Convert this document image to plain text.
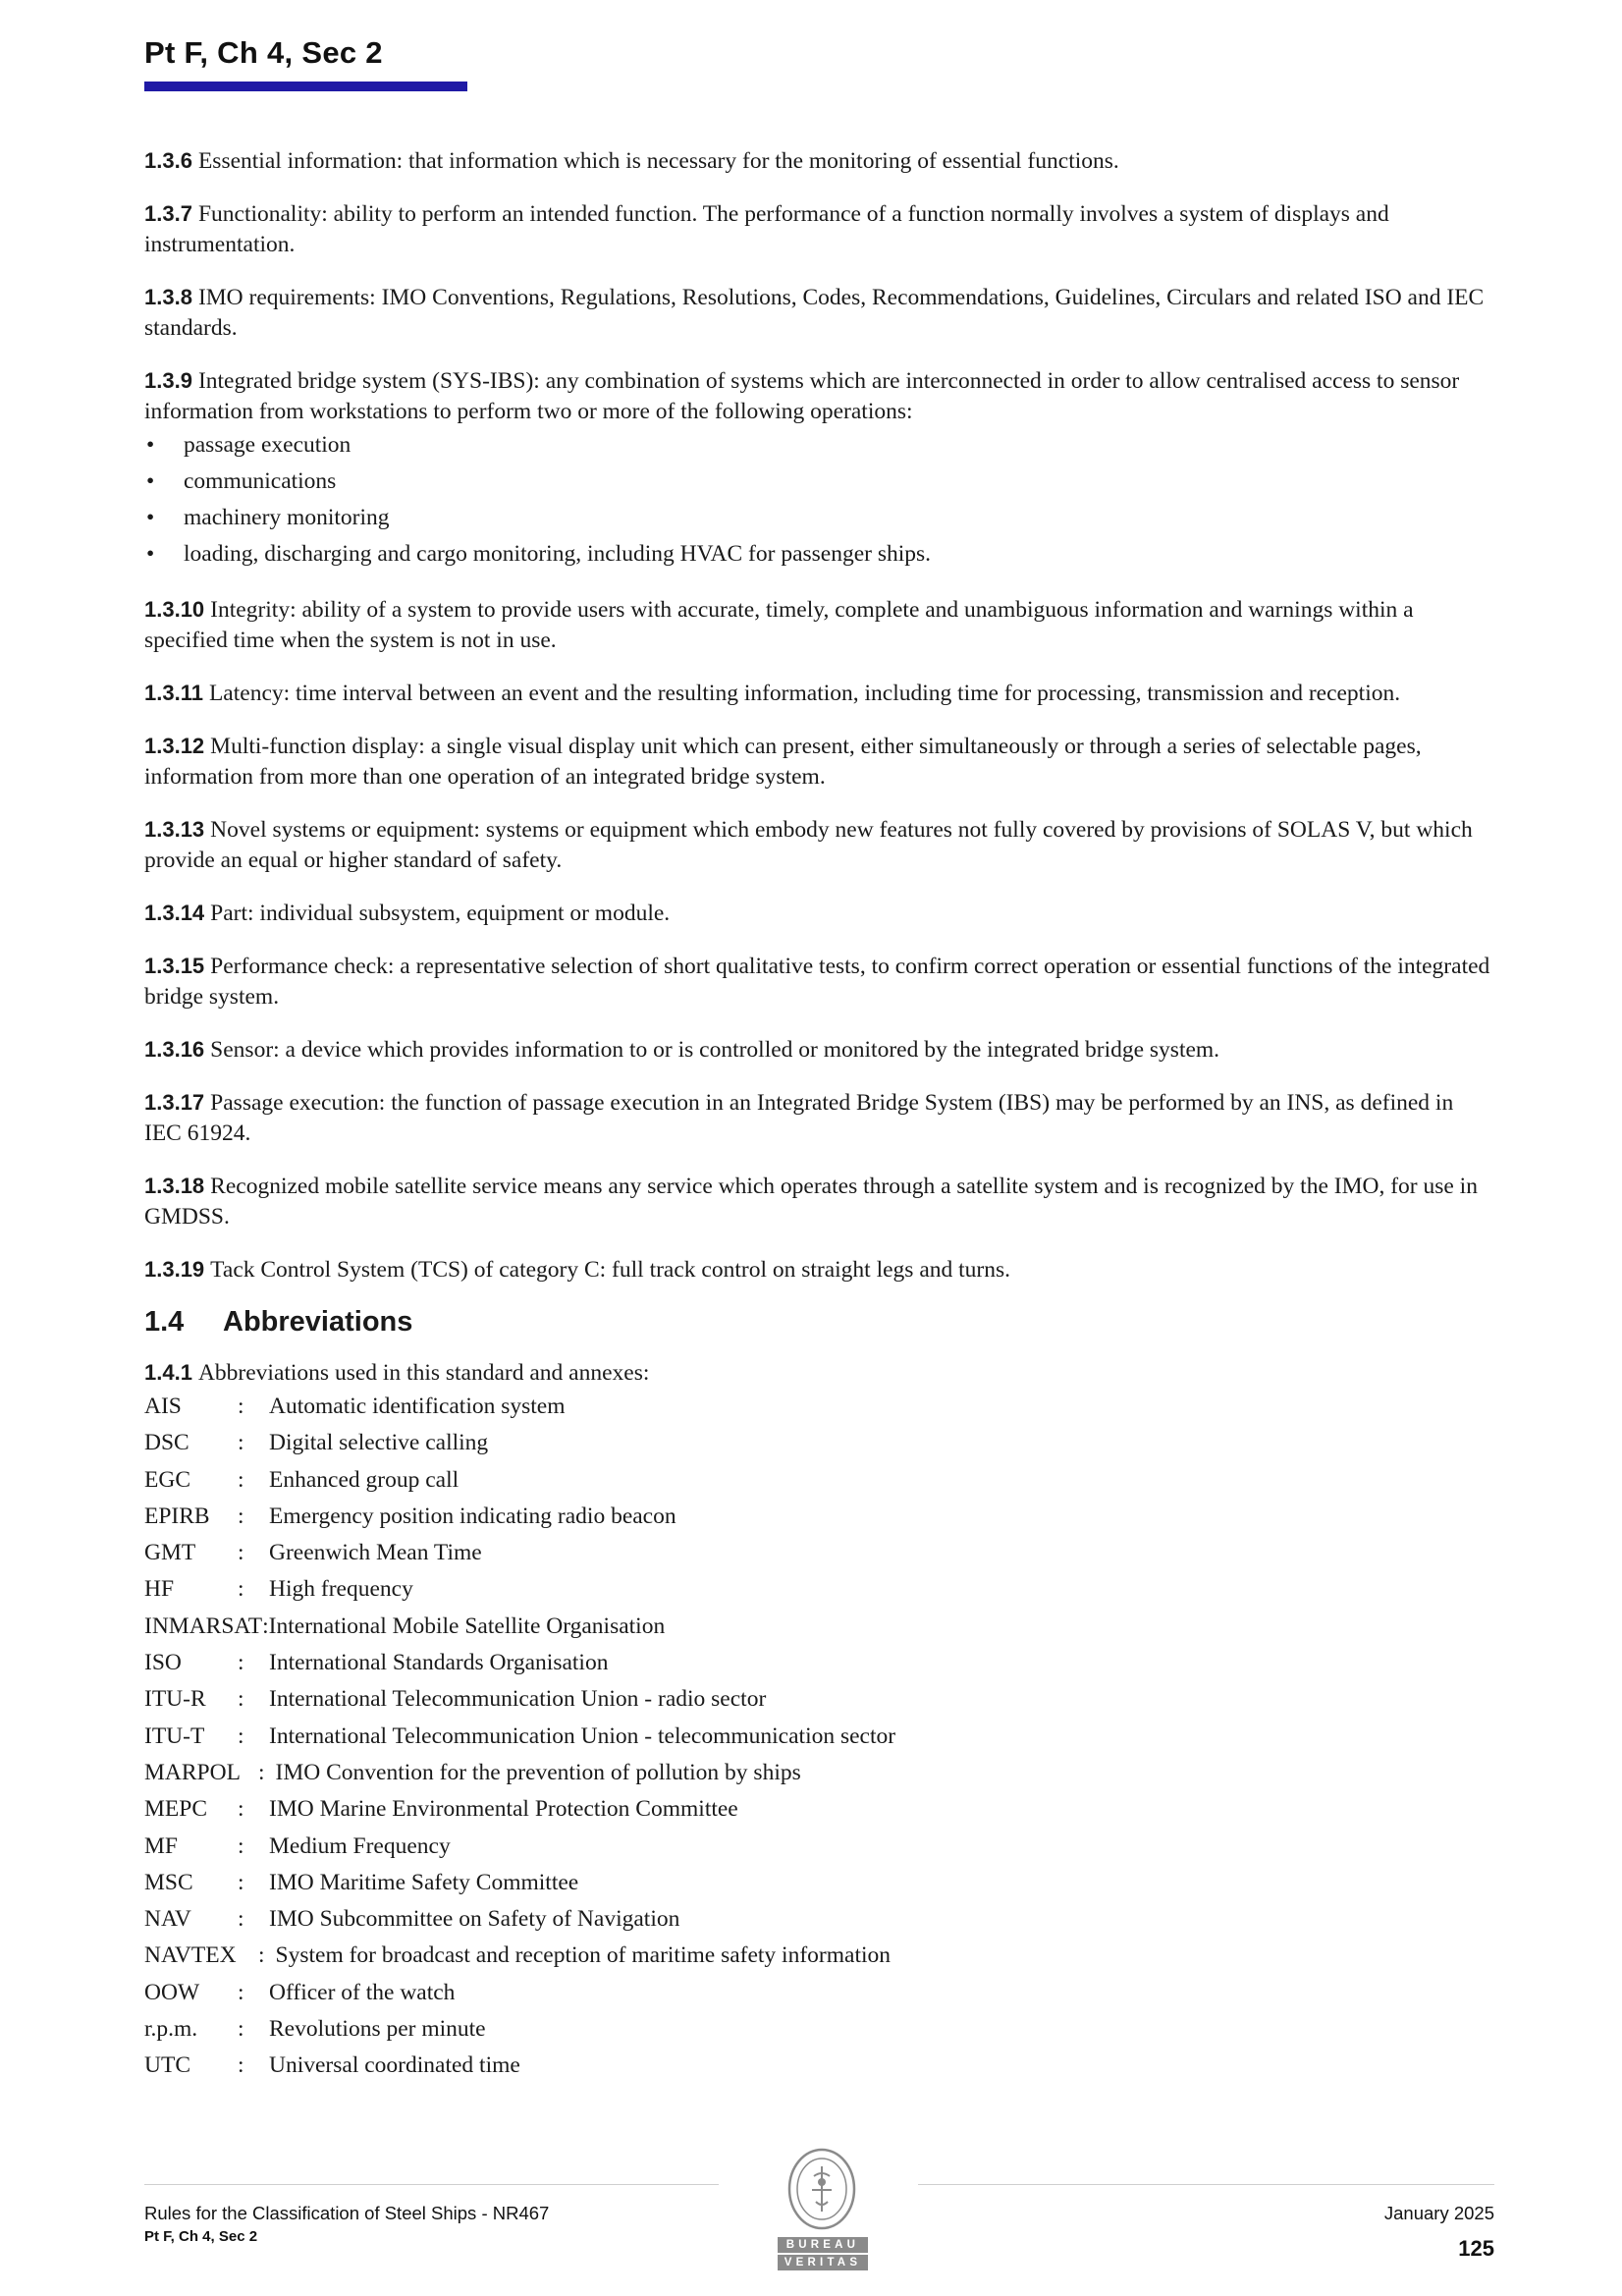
Pt F, Ch 4, Sec 2

1.3.6 Essential information: that information which is necessary for the monitoring of essential functions.

1.3.7 Functionality: ability to perform an intended function. The performance of a function normally involves a system of displays and instrumentation.

1.3.8 IMO requirements: IMO Conventions, Regulations, Resolutions, Codes, Recommendations, Guidelines, Circulars and related ISO and IEC standards.

1.3.9 Integrated bridge system (SYS-IBS): any combination of systems which are interconnected in order to allow centralised access to sensor information from workstations to perform two or more of the following operations:

• passage execution
• communications
• machinery monitoring
• loading, discharging and cargo monitoring, including HVAC for passenger ships.

1.3.10 Integrity: ability of a system to provide users with accurate, timely, complete and unambiguous information and warnings within a specified time when the system is not in use.

1.3.11 Latency: time interval between an event and the resulting information, including time for processing, transmission and reception.

1.3.12 Multi-function display: a single visual display unit which can present, either simultaneously or through a series of selectable pages, information from more than one operation of an integrated bridge system.

1.3.13 Novel systems or equipment: systems or equipment which embody new features not fully covered by provisions of SOLAS V, but which provide an equal or higher standard of safety.

1.3.14 Part: individual subsystem, equipment or module.

1.3.15 Performance check: a representative selection of short qualitative tests, to confirm correct operation or essential functions of the integrated bridge system.

1.3.16 Sensor: a device which provides information to or is controlled or monitored by the integrated bridge system.

1.3.17 Passage execution: the function of passage execution in an Integrated Bridge System (IBS) may be performed by an INS, as defined in IEC 61924.

1.3.18 Recognized mobile satellite service means any service which operates through a satellite system and is recognized by the IMO, for use in GMDSS.

1.3.19 Tack Control System (TCS) of category C: full track control on straight legs and turns.

1.4 Abbreviations

1.4.1 Abbreviations used in this standard and annexes:

AIS : Automatic identification system
DSC : Digital selective calling
EGC : Enhanced group call
EPIRB : Emergency position indicating radio beacon
GMT : Greenwich Mean Time
HF	: High frequency
INMARSAT:International Mobile Satellite Organisation
ISO : International Standards Organisation
ITU-R : International Telecommunication Union - radio sector
ITU-T : International Telecommunication Union - telecommunication sector
MARPOL : IMO Convention for the prevention of pollution by ships
MEPC : IMO Marine Environmental Protection Committee
MF	: Medium Frequency
MSC : IMO Maritime Safety Committee
NAV : IMO Subcommittee on Safety of Navigation
NAVTEX : System for broadcast and reception of maritime safety information
OOW : Officer of the watch
r.p.m. : Revolutions per minute
UTC : Universal coordinated time
Rules for the Classification of Steel Ships - NR467
Pt F, Ch 4, Sec 2	BUREAU
VERITAS
January 2025
125
